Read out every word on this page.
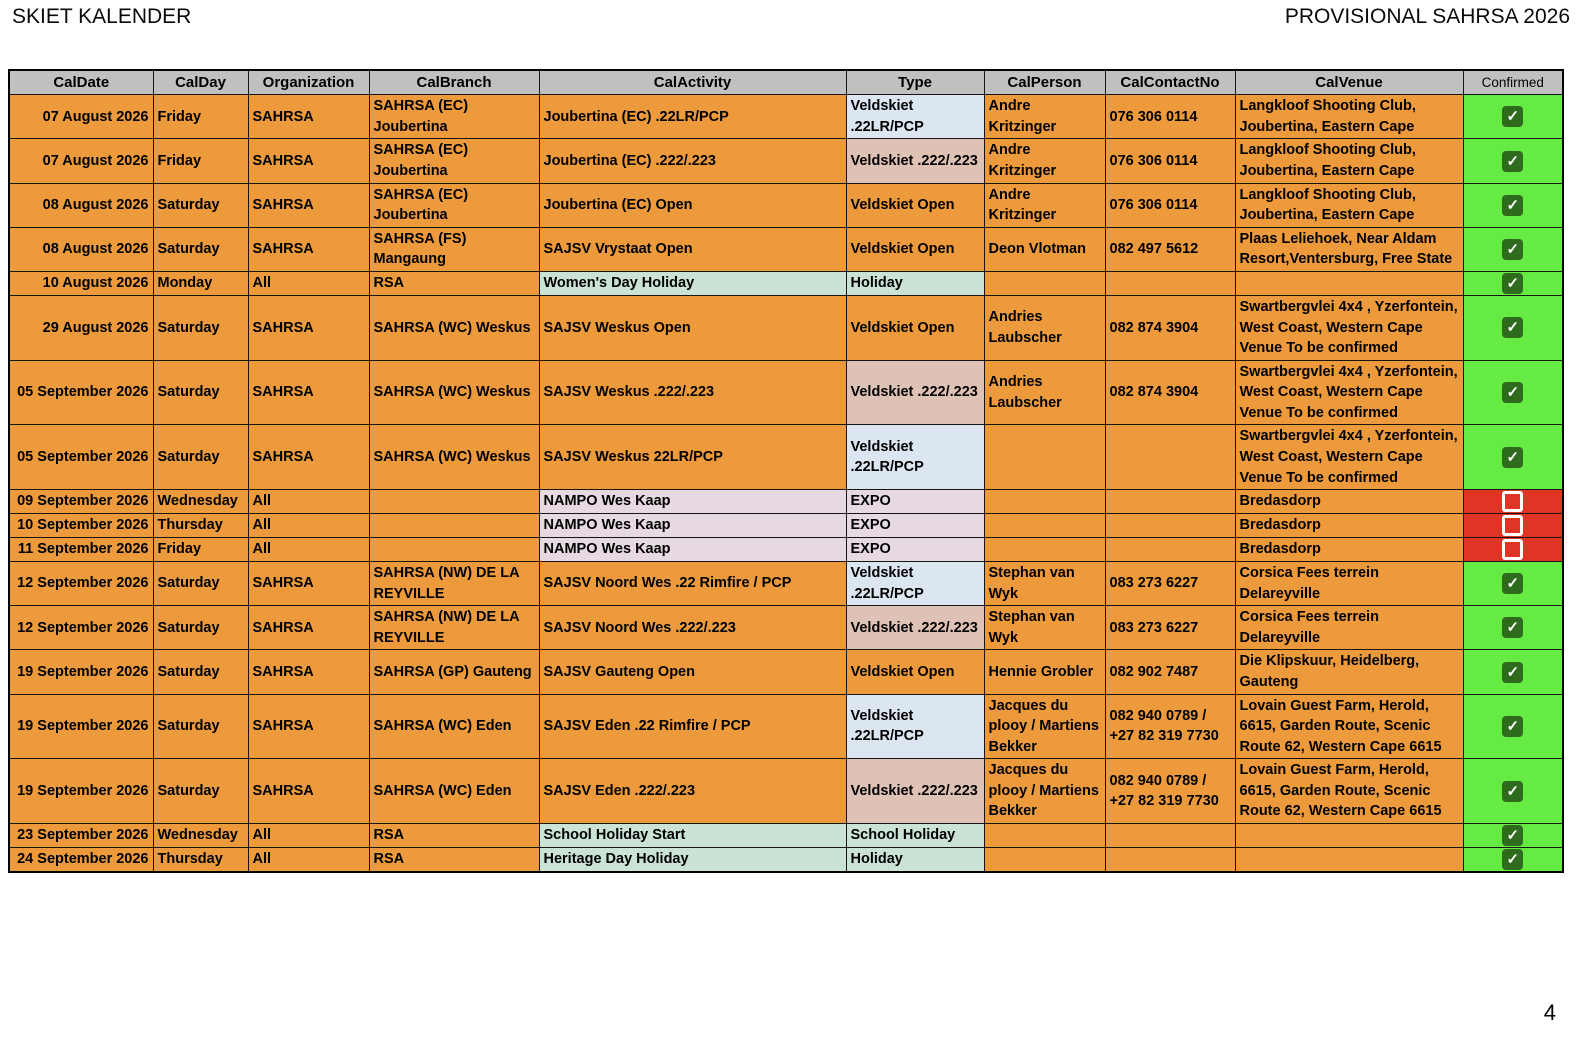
SKIET KALENDER	PROVISIONAL SAHRSA 2026
CalDate	CalDay	Organization	CalBranch	CalActivity	Type	CalPerson	CalContactNo	CalVenue	Confirmed
07 August 2026	Friday	SAHRSA	SAHRSA (EC) Joubertina	Joubertina (EC) .22LR/PCP	Veldskiet .22LR/PCP	Andre Kritzinger	076 306 0114	Langkloof Shooting Club, Joubertina, Eastern Cape	✓
07 August 2026	Friday	SAHRSA	SAHRSA (EC) Joubertina	Joubertina (EC) .222/.223	Veldskiet .222/.223	Andre Kritzinger	076 306 0114	Langkloof Shooting Club, Joubertina, Eastern Cape	✓
08 August 2026	Saturday	SAHRSA	SAHRSA (EC) Joubertina	Joubertina (EC) Open	Veldskiet Open	Andre Kritzinger	076 306 0114	Langkloof Shooting Club, Joubertina, Eastern Cape	✓
08 August 2026	Saturday	SAHRSA	SAHRSA (FS) Mangaung	SAJSV Vrystaat Open	Veldskiet Open	Deon Vlotman	082 497 5612	Plaas Leliehoek, Near Aldam Resort,Ventersburg, Free State	✓
10 August 2026	Monday	All	RSA	Women's Day Holiday	Holiday				✓
29 August 2026	Saturday	SAHRSA	SAHRSA (WC) Weskus	SAJSV Weskus Open	Veldskiet Open	Andries Laubscher	082 874 3904	Swartbergvlei 4x4 , Yzerfontein, West Coast, Western Cape Venue To be confirmed	✓
05 September 2026	Saturday	SAHRSA	SAHRSA (WC) Weskus	SAJSV Weskus .222/.223	Veldskiet .222/.223	Andries Laubscher	082 874 3904	Swartbergvlei 4x4 , Yzerfontein, West Coast, Western Cape Venue To be confirmed	✓
05 September 2026	Saturday	SAHRSA	SAHRSA (WC) Weskus	SAJSV Weskus 22LR/PCP	Veldskiet .22LR/PCP			Swartbergvlei 4x4 , Yzerfontein, West Coast, Western Cape Venue To be confirmed	✓
09 September 2026	Wednesday	All		NAMPO Wes Kaap	EXPO			Bredasdorp	
10 September 2026	Thursday	All		NAMPO Wes Kaap	EXPO			Bredasdorp	
11 September 2026	Friday	All		NAMPO Wes Kaap	EXPO			Bredasdorp	
12 September 2026	Saturday	SAHRSA	SAHRSA (NW) DE LA REYVILLE	SAJSV Noord Wes .22 Rimfire / PCP	Veldskiet .22LR/PCP	Stephan van Wyk	083 273 6227	Corsica Fees terrein Delareyville	✓
12 September 2026	Saturday	SAHRSA	SAHRSA (NW) DE LA REYVILLE	SAJSV Noord Wes .222/.223	Veldskiet .222/.223	Stephan van Wyk	083 273 6227	Corsica Fees terrein Delareyville	✓
19 September 2026	Saturday	SAHRSA	SAHRSA (GP) Gauteng	SAJSV Gauteng Open	Veldskiet Open	Hennie Grobler	082 902 7487	Die Klipskuur, Heidelberg, Gauteng	✓
19 September 2026	Saturday	SAHRSA	SAHRSA (WC) Eden	SAJSV Eden .22 Rimfire / PCP	Veldskiet .22LR/PCP	Jacques du plooy / Martiens Bekker	082 940 0789 / +27 82 319 7730	Lovain Guest Farm, Herold, 6615, Garden Route, Scenic Route 62, Western Cape 6615	✓
19 September 2026	Saturday	SAHRSA	SAHRSA (WC) Eden	SAJSV Eden .222/.223	Veldskiet .222/.223	Jacques du plooy / Martiens Bekker	082 940 0789 / +27 82 319 7730	Lovain Guest Farm, Herold, 6615, Garden Route, Scenic Route 62, Western Cape 6615	✓
23 September 2026	Wednesday	All	RSA	School Holiday Start	School Holiday				✓
24 September 2026	Thursday	All	RSA	Heritage Day Holiday	Holiday				✓
4
